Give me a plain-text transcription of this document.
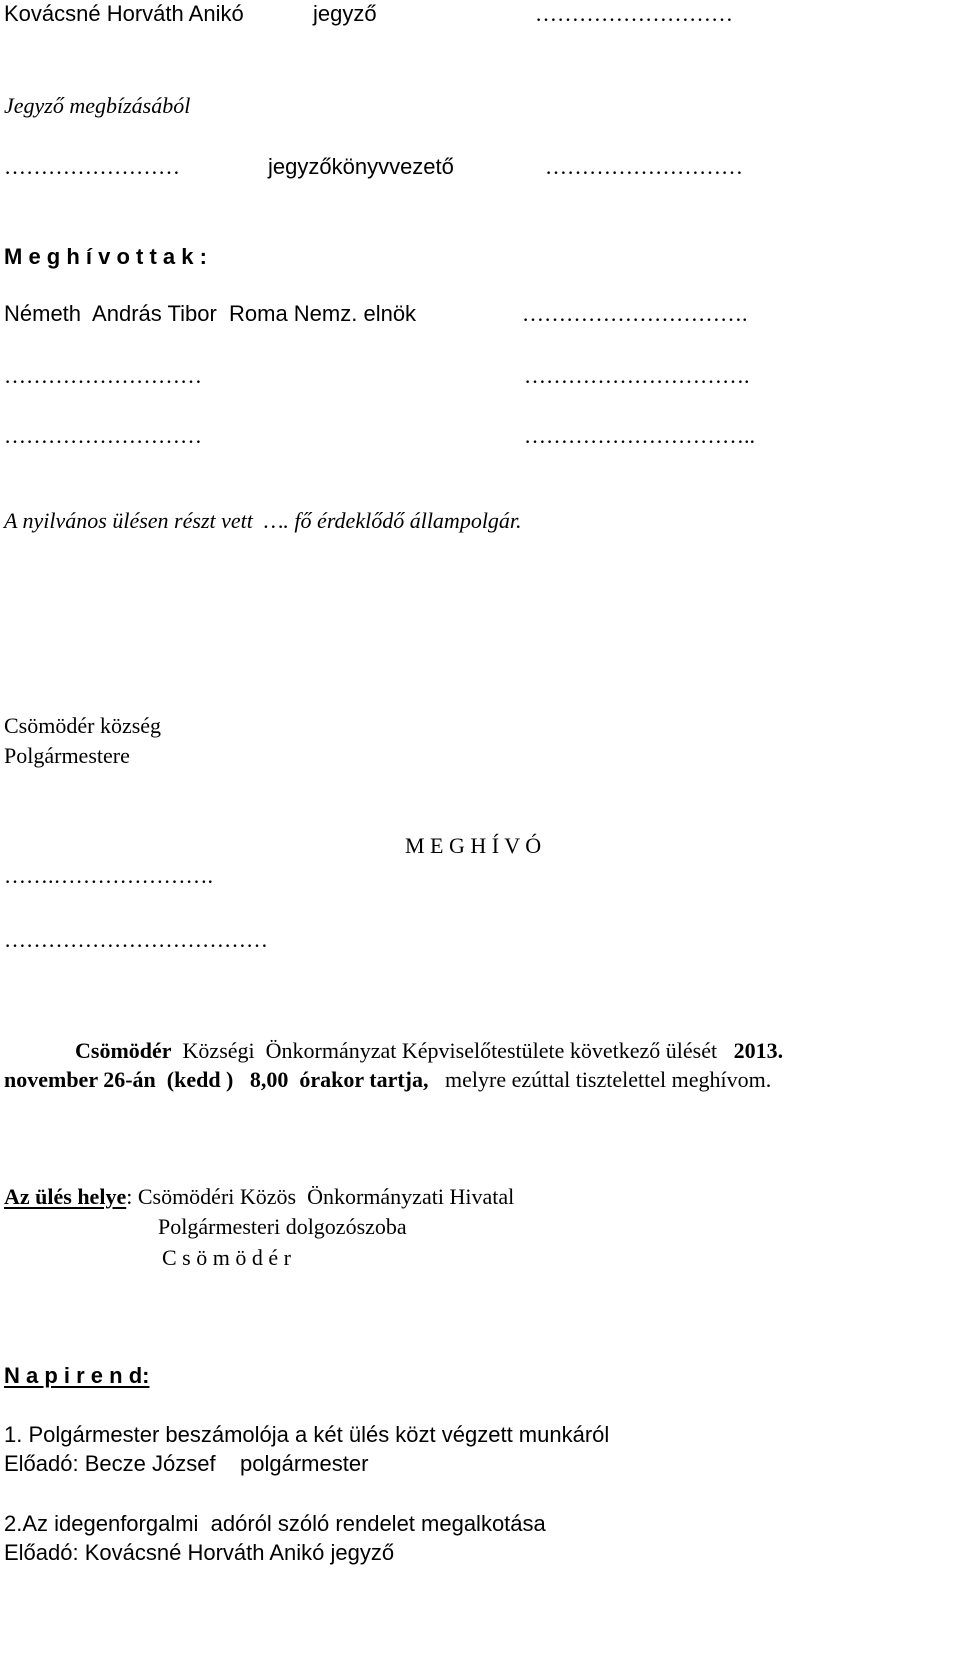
Kovácsné Horváth Anikó	jegyző	………………………
Jegyző megbízásából
……………………	jegyzőkönyvvezető	………………………
M e g h í v o t t a k :
Németh  András Tibor  Roma Nemz. elnök	………………………….
………………………	………………………….
………………………	…………………………..
A nyilvános ülésen részt vett  …. fő érdeklődő állampolgár.
Csömödér község
Polgármestere
M E G H Í V Ó
…….………………….
………………………………
Csömödér Községi  Önkormányzat Képviselőtestülete következő ülését 2013.
november 26-án  (kedd )   8,00  órakor tartja, melyre ezúttal tisztelettel meghívom.
Az ülés helye: Csömödéri Közös  Önkormányzati Hivatal
Polgármesteri dolgozószoba
C s ö m ö d é r
N a p i r e n d:
1. Polgármester beszámolója a két ülés közt végzett munkáról
Előadó: Becze József    polgármester
2.Az idegenforgalmi  adóról szóló rendelet megalkotása
Előadó: Kovácsné Horváth Anikó jegyző
